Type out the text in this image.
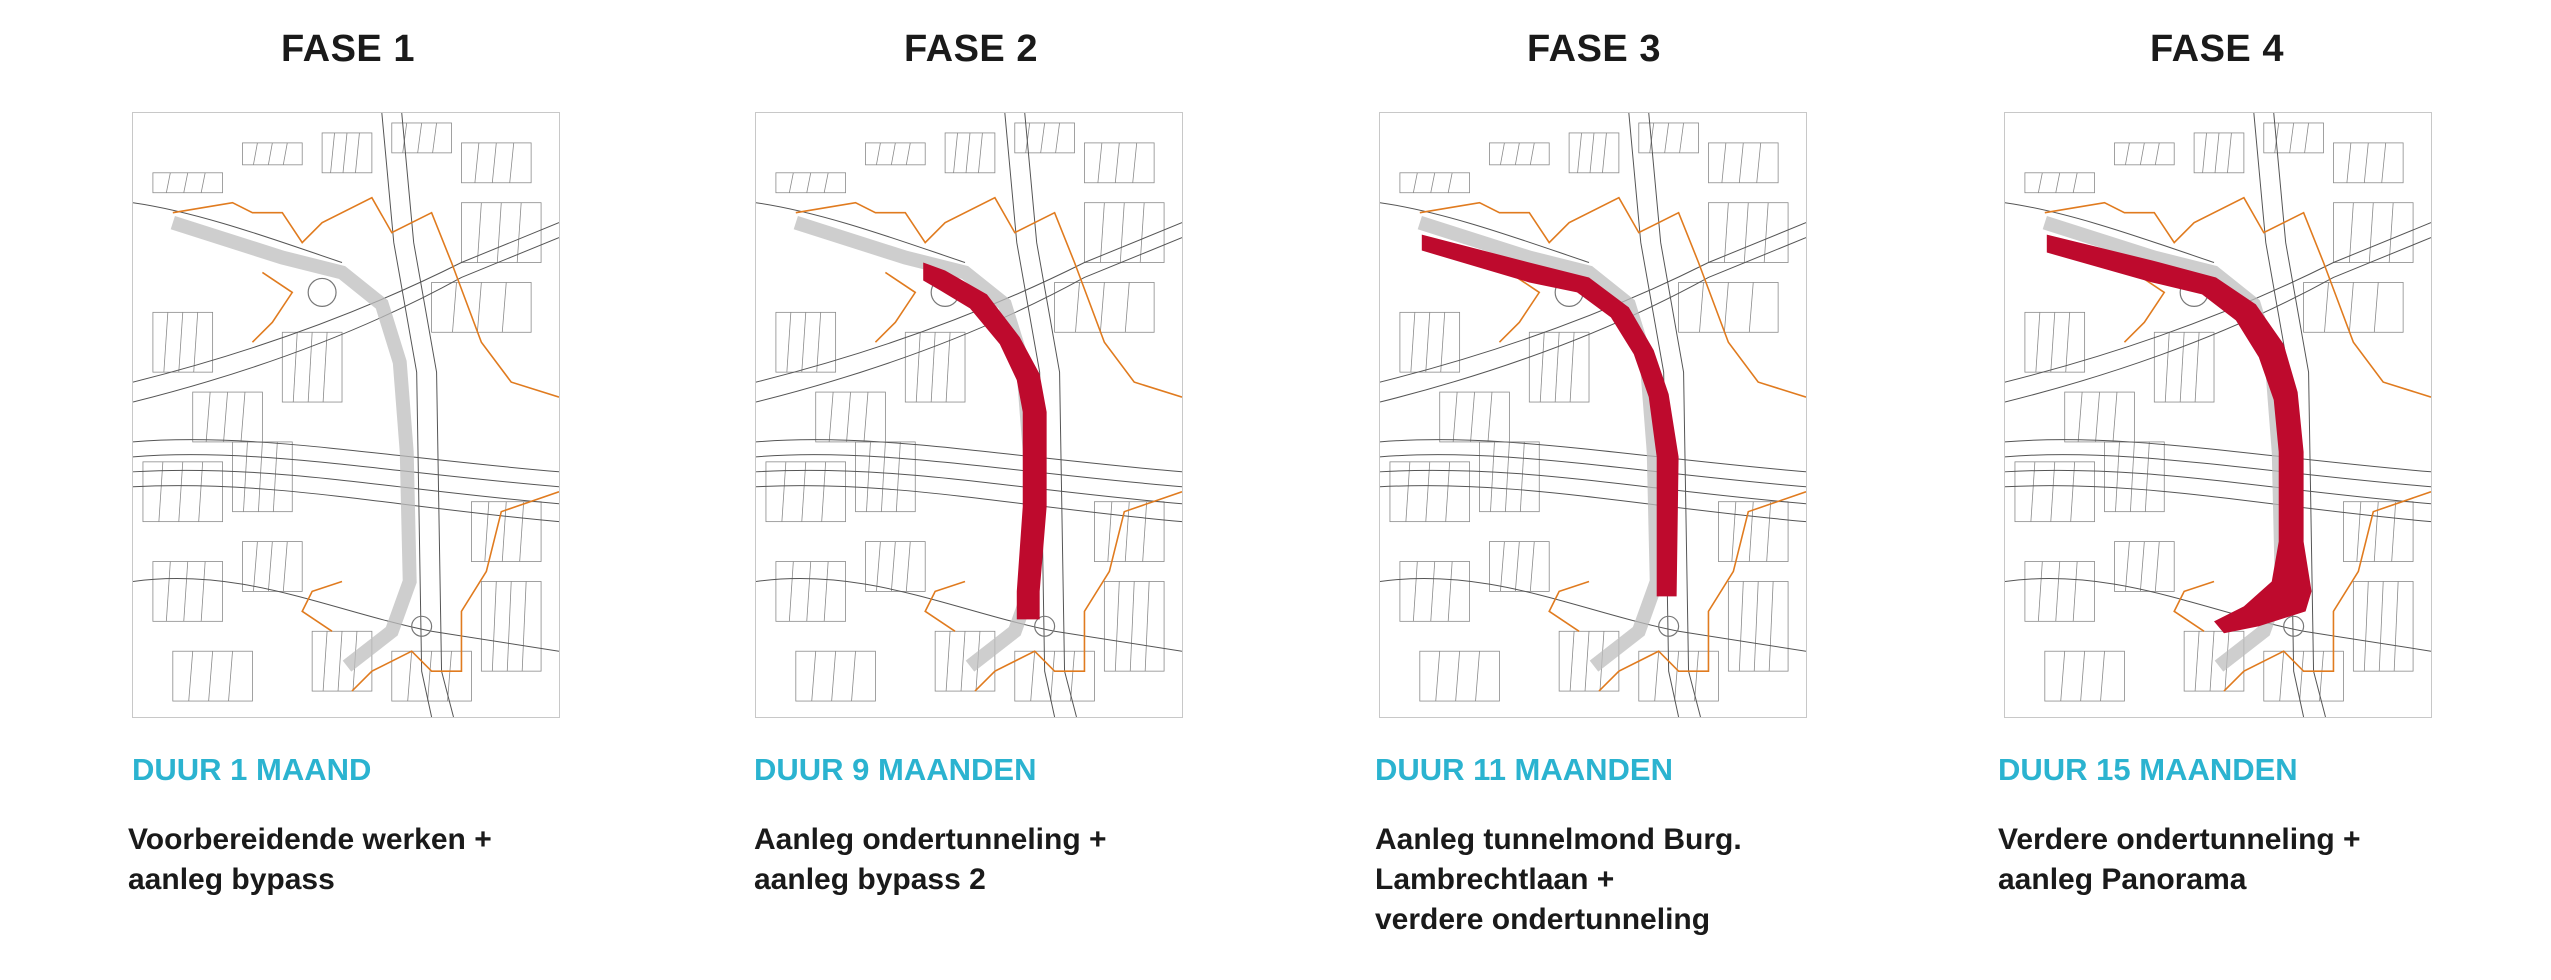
FASE 1
DUUR 1 MAAND
Voorbereidende werken +
aanleg bypass
FASE 2
DUUR 9 MAANDEN
Aanleg ondertunneling +
aanleg bypass 2
FASE 3
DUUR 11 MAANDEN
Aanleg tunnelmond Burg.
Lambrechtlaan +
verdere ondertunneling
FASE 4
DUUR 15 MAANDEN
Verdere ondertunneling +
aanleg Panorama
